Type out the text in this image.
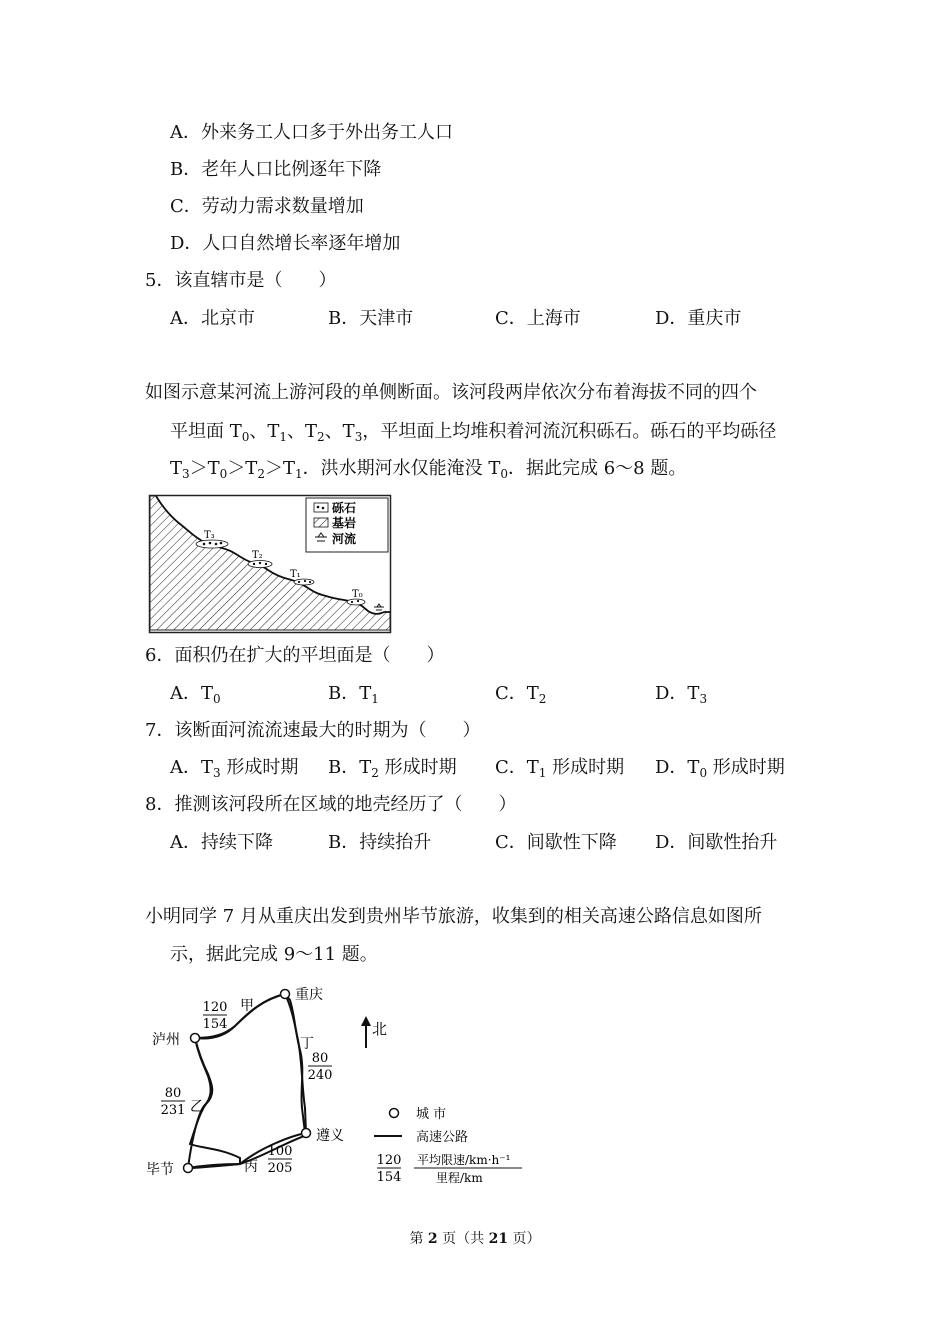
A．外来务工人口多于外出务工人口
B．老年人口比例逐年下降
C．劳动力需求数量增加
D．人口自然增长率逐年增加
5．该直辖市是（　　）
A．北京市	B．天津市	C．上海市	D．重庆市
如图示意某河流上游河段的单侧断面。该河段两岸依次分布着海拔不同的四个
平坦面 $T_0$、$T_1$、$T_2$、$T_3$，平坦面上均堆积着河流沉积砾石。砾石的平均砾径
$T_3>T_0>T_2>T_1$．洪水期河水仅能淹没 $T_0$．据此完成 6～8 题。
T₃
T₂
T₁
T₀
砾石
基岩
河流
6．面积仍在扩大的平坦面是（　　）
A．$T_0$	B．$T_1$	C．$T_2$	D．$T_3$
7．该断面河流流速最大的时期为（　　）
A．$T_3$ 形成时期 B．$T_2$ 形成时期 C．$T_1$ 形成时期 D．$T_0$ 形成时期
8．推测该河段所在区域的地壳经历了（　　）
A．持续下降	B．持续抬升	C．间歇性下降 D．间歇性抬升
小明同学 7 月从重庆出发到贵州毕节旅游，收集到的相关高速公路信息如图所
示，据此完成 9～11 题。
重庆
泸州
遵义
毕节
甲
丁
乙
丙
120
154
80
240
80
231
100
205
北
城 市
高速公路
120
154
平均限速/km·h⁻¹
里程/km
第 2 页（共 21 页）
